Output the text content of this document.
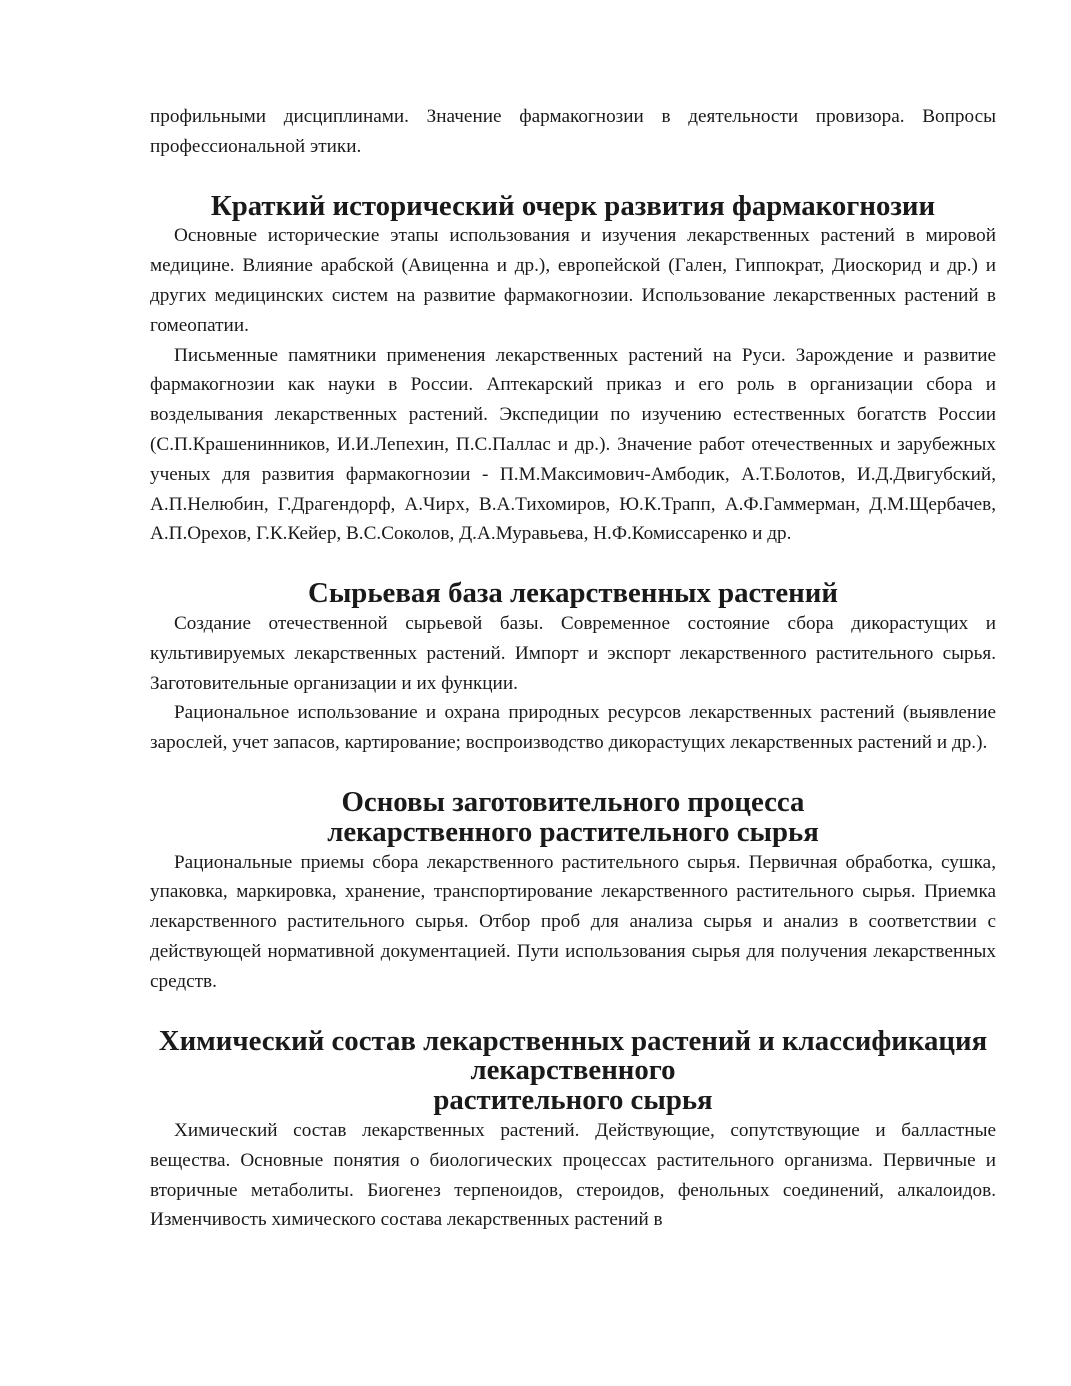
профильными дисциплинами. Значение фармакогнозии в деятельности провизора. Вопросы профессиональной этики.

Краткий исторический очерк развития фармакогнозии

Основные исторические этапы использования и изучения лекарственных растений в мировой медицине. Влияние арабской (Авиценна и др.), европейской (Гален, Гиппократ, Диоскорид и др.) и других медицинских систем на развитие фармакогнозии. Использование лекарственных растений в гомеопатии.

Письменные памятники применения лекарственных растений на Руси. Зарождение и развитие фармакогнозии как науки в России. Аптекарский приказ и его роль в организации сбора и возделывания лекарственных растений. Экспедиции по изучению естественных богатств России (С.П.Крашенинников, И.И.Лепехин, П.С.Паллас и др.). Значение работ отечественных и зарубежных ученых для развития фармакогнозии - П.М.Максимович-Амбодик, А.Т.Болотов, И.Д.Двигубский, А.П.Нелюбин, Г.Драгендорф, А.Чирх, В.А.Тихомиров, Ю.К.Трапп, А.Ф.Гаммерман, Д.М.Щербачев, А.П.Орехов, Г.К.Кейер, В.С.Соколов, Д.А.Муравьева, Н.Ф.Комиссаренко и др.

Сырьевая база лекарственных растений

Создание отечественной сырьевой базы. Современное состояние сбора дикорастущих и культивируемых лекарственных растений. Импорт и экспорт лекарственного растительного сырья. Заготовительные организации и их функции.

Рациональное использование и охрана природных ресурсов лекарственных растений (выявление зарослей, учет запасов, картирование; воспроизводство дикорастущих лекарственных растений и др.).

Основы заготовительного процесса
лекарственного растительного сырья

Рациональные приемы сбора лекарственного растительного сырья. Первичная обработка, сушка, упаковка, маркировка, хранение, транспортирование лекарственного растительного сырья. Приемка лекарственного растительного сырья. Отбор проб для анализа сырья и анализ в соответствии с действующей нормативной документацией. Пути использования сырья для получения лекарственных средств.

Химический состав лекарственных растений и классификация лекарственного
растительного сырья

Химический состав лекарственных растений. Действующие, сопутствующие и балластные вещества. Основные понятия о биологических процессах растительного организма. Первичные и вторичные метаболиты. Биогенез терпеноидов, стероидов, фенольных соединений, алкалоидов. Изменчивость химического состава лекарственных растений в
